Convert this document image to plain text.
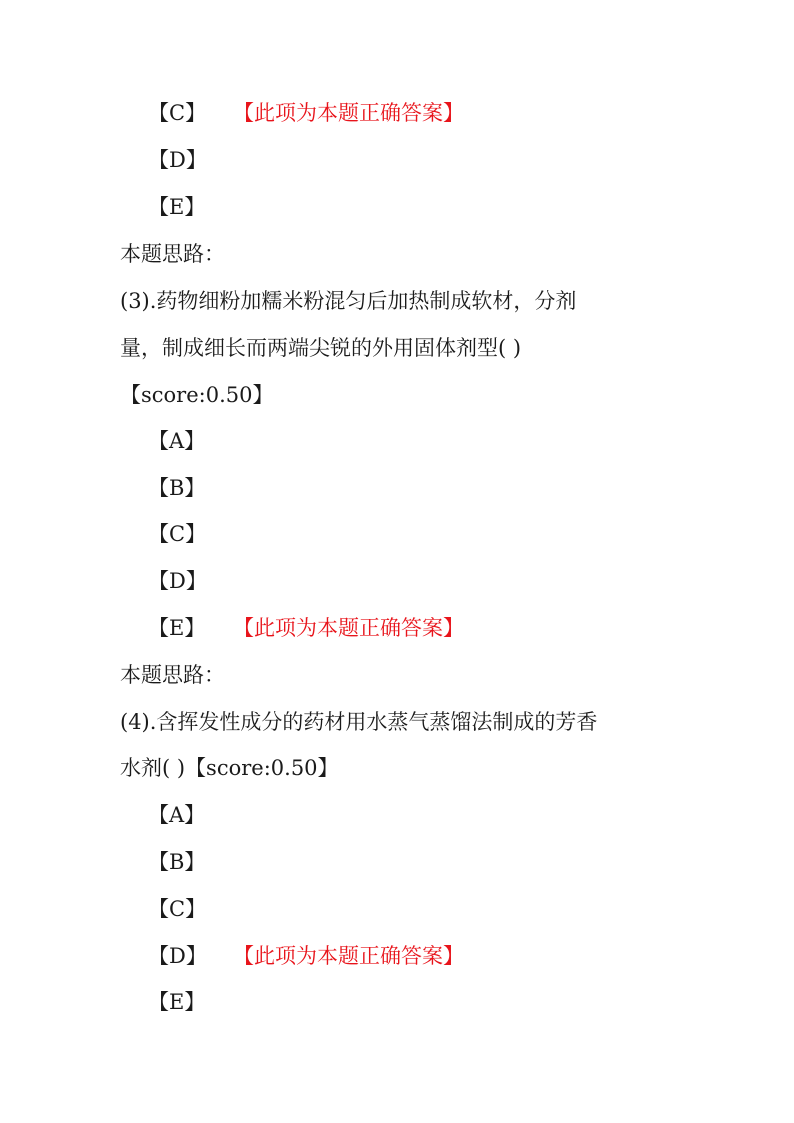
【C】 【此项为本题正确答案】
【D】
【E】
本题思路：
(3).药物细粉加糯米粉混匀后加热制成软材，分剂
量，制成细长而两端尖锐的外用固体剂型( )
【score:0.50】
【A】
【B】
【C】
【D】
【E】 【此项为本题正确答案】
本题思路：
(4).含挥发性成分的药材用水蒸气蒸馏法制成的芳香
水剂( )【score:0.50】
【A】
【B】
【C】
【D】 【此项为本题正确答案】
【E】
